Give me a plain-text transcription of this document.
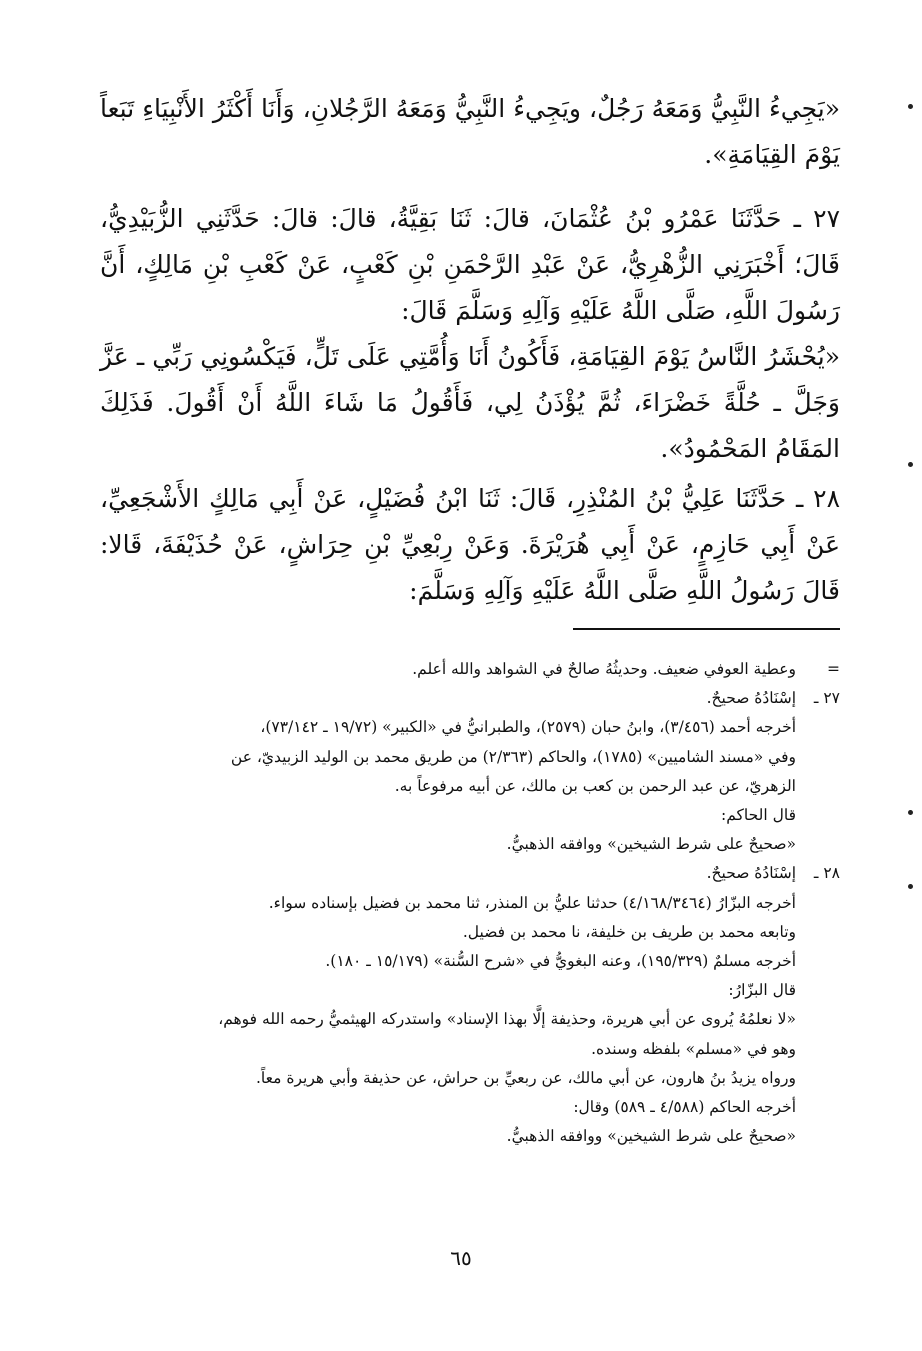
«يَجِيءُ النَّبِيُّ وَمَعَهُ رَجُلٌ، ويَجِيءُ النَّبِيُّ وَمَعَهُ الرَّجُلانِ، وَأَنَا أَكْثَرُ الأَنْبِيَاءِ تَبَعاً يَوْمَ القِيَامَةِ».

٢٧ ـ حَدَّثَنَا عَمْرُو بْنُ عُثْمَانَ، قالَ: ثَنَا بَقِيَّةُ، قالَ: قالَ: حَدَّثَنِي الزُّبَيْدِيُّ، قَالَ؛ أَخْبَرَنِي الزُّهْرِيُّ، عَنْ عَبْدِ الرَّحْمَنِ بْنِ كَعْبٍ، عَنْ كَعْبِ بْنِ مَالِكٍ، أَنَّ رَسُولَ اللَّهِ، صَلَّى اللَّهُ عَلَيْهِ وَآلِهِ وَسَلَّمَ قَالَ:

«يُحْشَرُ النَّاسُ يَوْمَ القِيَامَةِ، فَأَكُونُ أَنَا وَأُمَّتِي عَلَى تَلٍّ، فَيَكْسُونِي رَبِّي ـ عَزَّ وَجَلَّ ـ حُلَّةً خَضْرَاءَ، ثُمَّ يُؤْذَنُ لِي، فَأَقُولُ مَا شَاءَ اللَّهُ أَنْ أَقُولَ. فَذَلِكَ المَقَامُ المَحْمُودُ».

٢٨ ـ حَدَّثَنَا عَلِيُّ بْنُ المُنْذِرِ، قَالَ: ثَنَا ابْنُ فُضَيْلٍ، عَنْ أَبِي مَالِكٍ الأَشْجَعِيِّ، عَنْ أَبِي حَازِمٍ، عَنْ أَبِي هُرَيْرَةَ. وَعَنْ رِبْعِيِّ بْنِ حِرَاشٍ، عَنْ حُذَيْفَةَ، قَالا: قَالَ رَسُولُ اللَّهِ صَلَّى اللَّهُ عَلَيْهِ وَآلِهِ وَسَلَّمَ:

=
وعطية العوفي ضعيف. وحديثُهُ صالحٌ في الشواهد والله أعلم.
٢٧ ـ
إسْنَادُهُ صحيحٌ.
أخرجه أحمد (٣/٤٥٦)، وابنُ حبان (٢٥٧٩)، والطبرانيُّ في «الكبير» (١٩/٧٢ ـ ٧٣/١٤٢)،
وفي «مسند الشاميين» (١٧٨٥)، والحاكم (٢/٣٦٣) من طريق محمد بن الوليد الزبيديّ، عن
الزهريّ، عن عبد الرحمن بن كعب بن مالك، عن أبيه مرفوعاً به.
قال الحاكم:
«صحيحٌ على شرط الشيخين» ووافقه الذهبيُّ.
٢٨ ـ
إسْنَادُهُ صحيحٌ.
أخرجه البزّارُ (٤/١٦٨/٣٤٦٤) حدثنا عليُّ بن المنذر، ثنا محمد بن فضيل بإسناده سواء.
وتابعه محمد بن طريف بن خليفة، نا محمد بن فضيل.
أخرجه مسلمٌ (١٩٥/٣٢٩)، وعنه البغويُّ في «شرح السُّنة» (١٥/١٧٩ ـ ١٨٠).
قال البزّارُ:
«لا نعلمُهُ يُروى عن أبي هريرة، وحذيفة إلَّا بهذا الإسناد» واستدركه الهيثميُّ رحمه الله فوهم،
وهو في «مسلم» بلفظه وسنده.
ورواه يزيدُ بنُ هارون، عن أبي مالك، عن ربعيِّ بن حراش، عن حذيفة وأبي هريرة معاً.
أخرجه الحاكم (٤/٥٨٨ ـ ٥٨٩) وقال:
«صحيحٌ على شرط الشيخين» ووافقه الذهبيُّ.
٦٥
